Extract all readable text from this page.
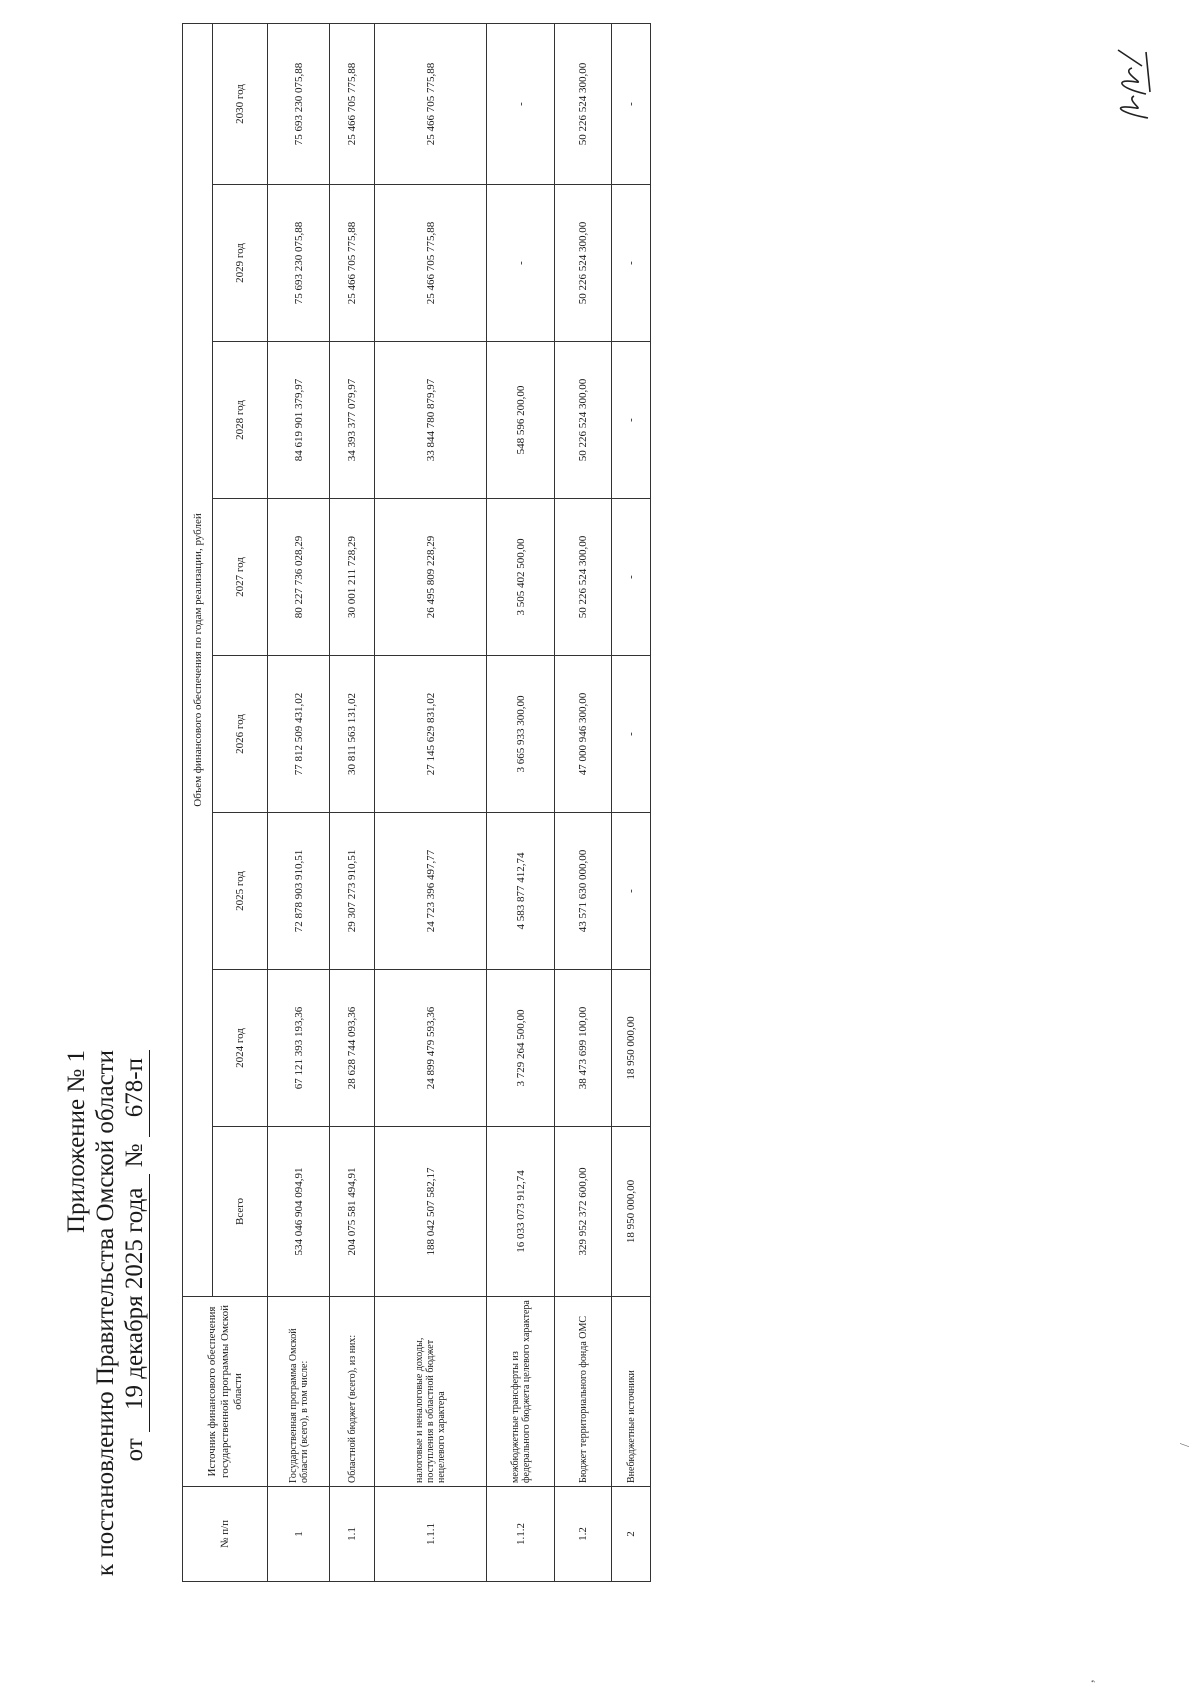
Приложение № 1 к постановлению Правительства Омской области от 19 декабря 2025 года № 678-п
№ п/п	Источник финансового обеспечения государственной программы Омской области	Объем финансового обеспечения по годам реализации, рублей							
		Всего	2024 год	2025 год	2026 год	2027 год	2028 год	2029 год	2030 год
1	Государственная программа Омской области (всего), в том числе:	534 046 904 094,91	67 121 393 193,36	72 878 903 910,51	77 812 509 431,02	80 227 736 028,29	84 619 901 379,97	75 693 230 075,88	75 693 230 075,88
1.1	Областной бюджет (всего), из них:	204 075 581 494,91	28 628 744 093,36	29 307 273 910,51	30 811 563 131,02	30 001 211 728,29	34 393 377 079,97	25 466 705 775,88	25 466 705 775,88
1.1.1	налоговые и неналоговые доходы, поступления в областной бюджет нецелевого характера	188 042 507 582,17	24 899 479 593,36	24 723 396 497,77	27 145 629 831,02	26 495 809 228,29	33 844 780 879,97	25 466 705 775,88	25 466 705 775,88
1.1.2	межбюджетные трансферты из федерального бюджета целевого характера	16 033 073 912,74	3 729 264 500,00	4 583 877 412,74	3 665 933 300,00	3 505 402 500,00	548 596 200,00	-	-
1.2	Бюджет территориального фонда ОМС	329 952 372 600,00	38 473 699 100,00	43 571 630 000,00	47 000 946 300,00	50 226 524 300,00	50 226 524 300,00	50 226 524 300,00	50 226 524 300,00
2	Внебюджетные источники	18 950 000,00	18 950 000,00	-	-	-	-	-	-
,
/
